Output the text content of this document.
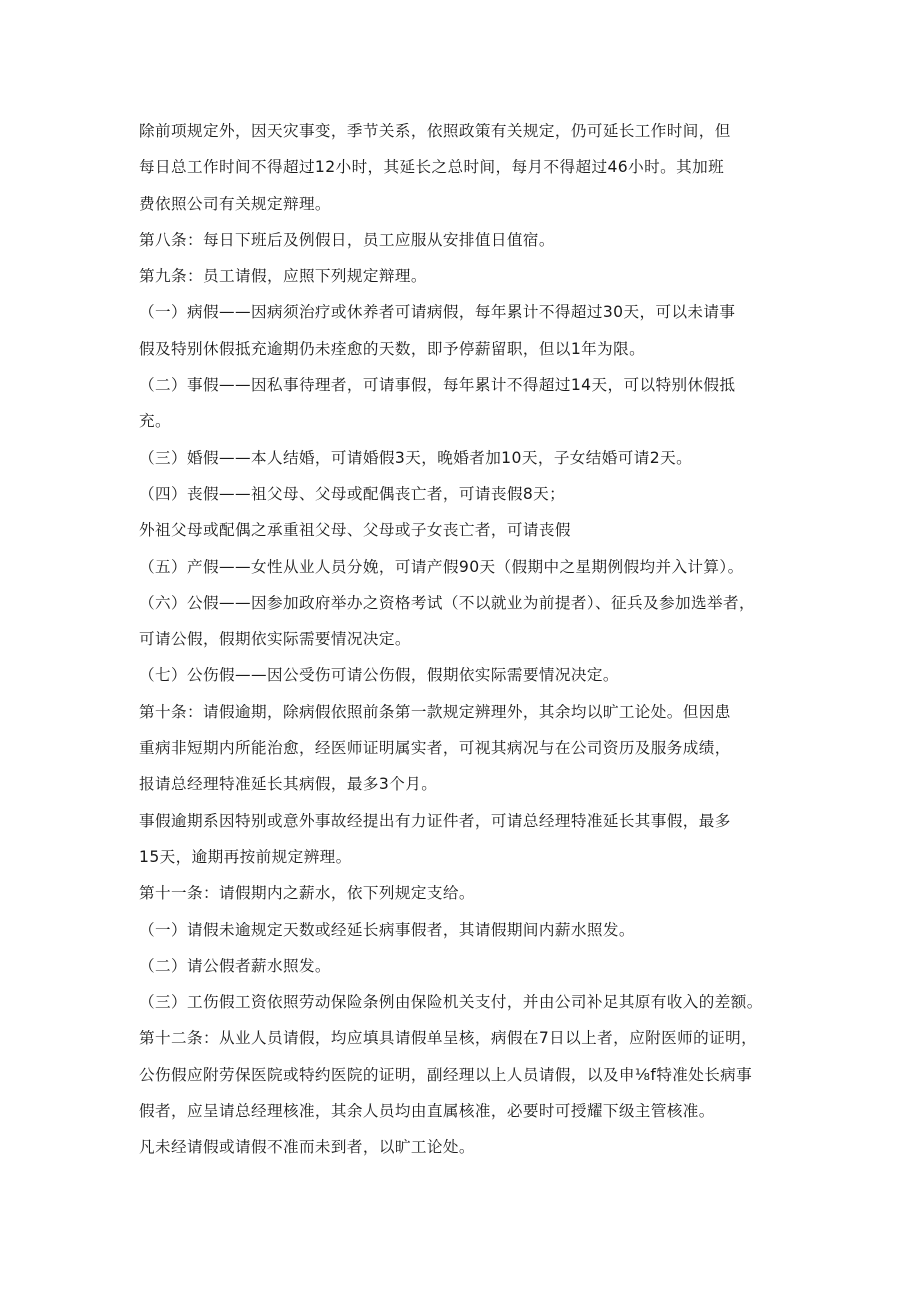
除前项规定外，因天灾事变，季节关系，依照政策有关规定，仍可延长工作时间，但
每日总工作时间不得超过12小时，其延长之总时间，每月不得超过46小时。其加班
费依照公司有关规定辩理。
第八条：每日下班后及例假日，员工应服从安排值日值宿。
第九条：员工请假，应照下列规定辩理。
（一）病假——因病须治疗或休养者可请病假，每年累计不得超过30天，可以未请事
假及特别休假抵充逾期仍未痊愈的天数，即予停薪留职，但以1年为限。
（二）事假——因私事待理者，可请事假，每年累计不得超过14天，可以特别休假抵
充。
（三）婚假——本人结婚，可请婚假3天，晚婚者加10天，子女结婚可请2天。
（四）丧假——祖父母、父母或配偶丧亡者，可请丧假8天；
外祖父母或配偶之承重祖父母、父母或子女丧亡者，可请丧假
（五）产假——女性从业人员分娩，可请产假90天（假期中之星期例假均并入计算）。
（六）公假——因参加政府举办之资格考试（不以就业为前提者）、征兵及参加选举者，
可请公假，假期依实际需要情况决定。
（七）公伤假——因公受伤可请公伤假，假期依实际需要情况决定。
第十条：请假逾期，除病假依照前条第一款规定辨理外，其余均以旷工论处。但因患
重病非短期内所能治愈，经医师证明属实者，可视其病况与在公司资历及服务成绩，
报请总经理特准延长其病假，最多3个月。
事假逾期系因特别或意外事故经提出有力证件者，可请总经理特准延长其事假，最多
15天，逾期再按前规定辨理。
第十一条：请假期内之薪水，依下列规定支给。
（一）请假未逾规定天数或经延长病事假者，其请假期间内薪水照发。
（二）请公假者薪水照发。
（三）工伤假工资依照劳动保险条例由保险机关支付，并由公司补足其原有收入的差额。
第十二条：从业人员请假，均应填具请假单呈核，病假在7日以上者，应附医师的证明，
公伤假应附劳保医院或特约医院的证明，副经理以上人员请假，以及申⅛f特准处长病事
假者，应呈请总经理核准，其余人员均由直属核准，必要时可授耀下级主管核准。
凡未经请假或请假不准而未到者，以旷工论处。
